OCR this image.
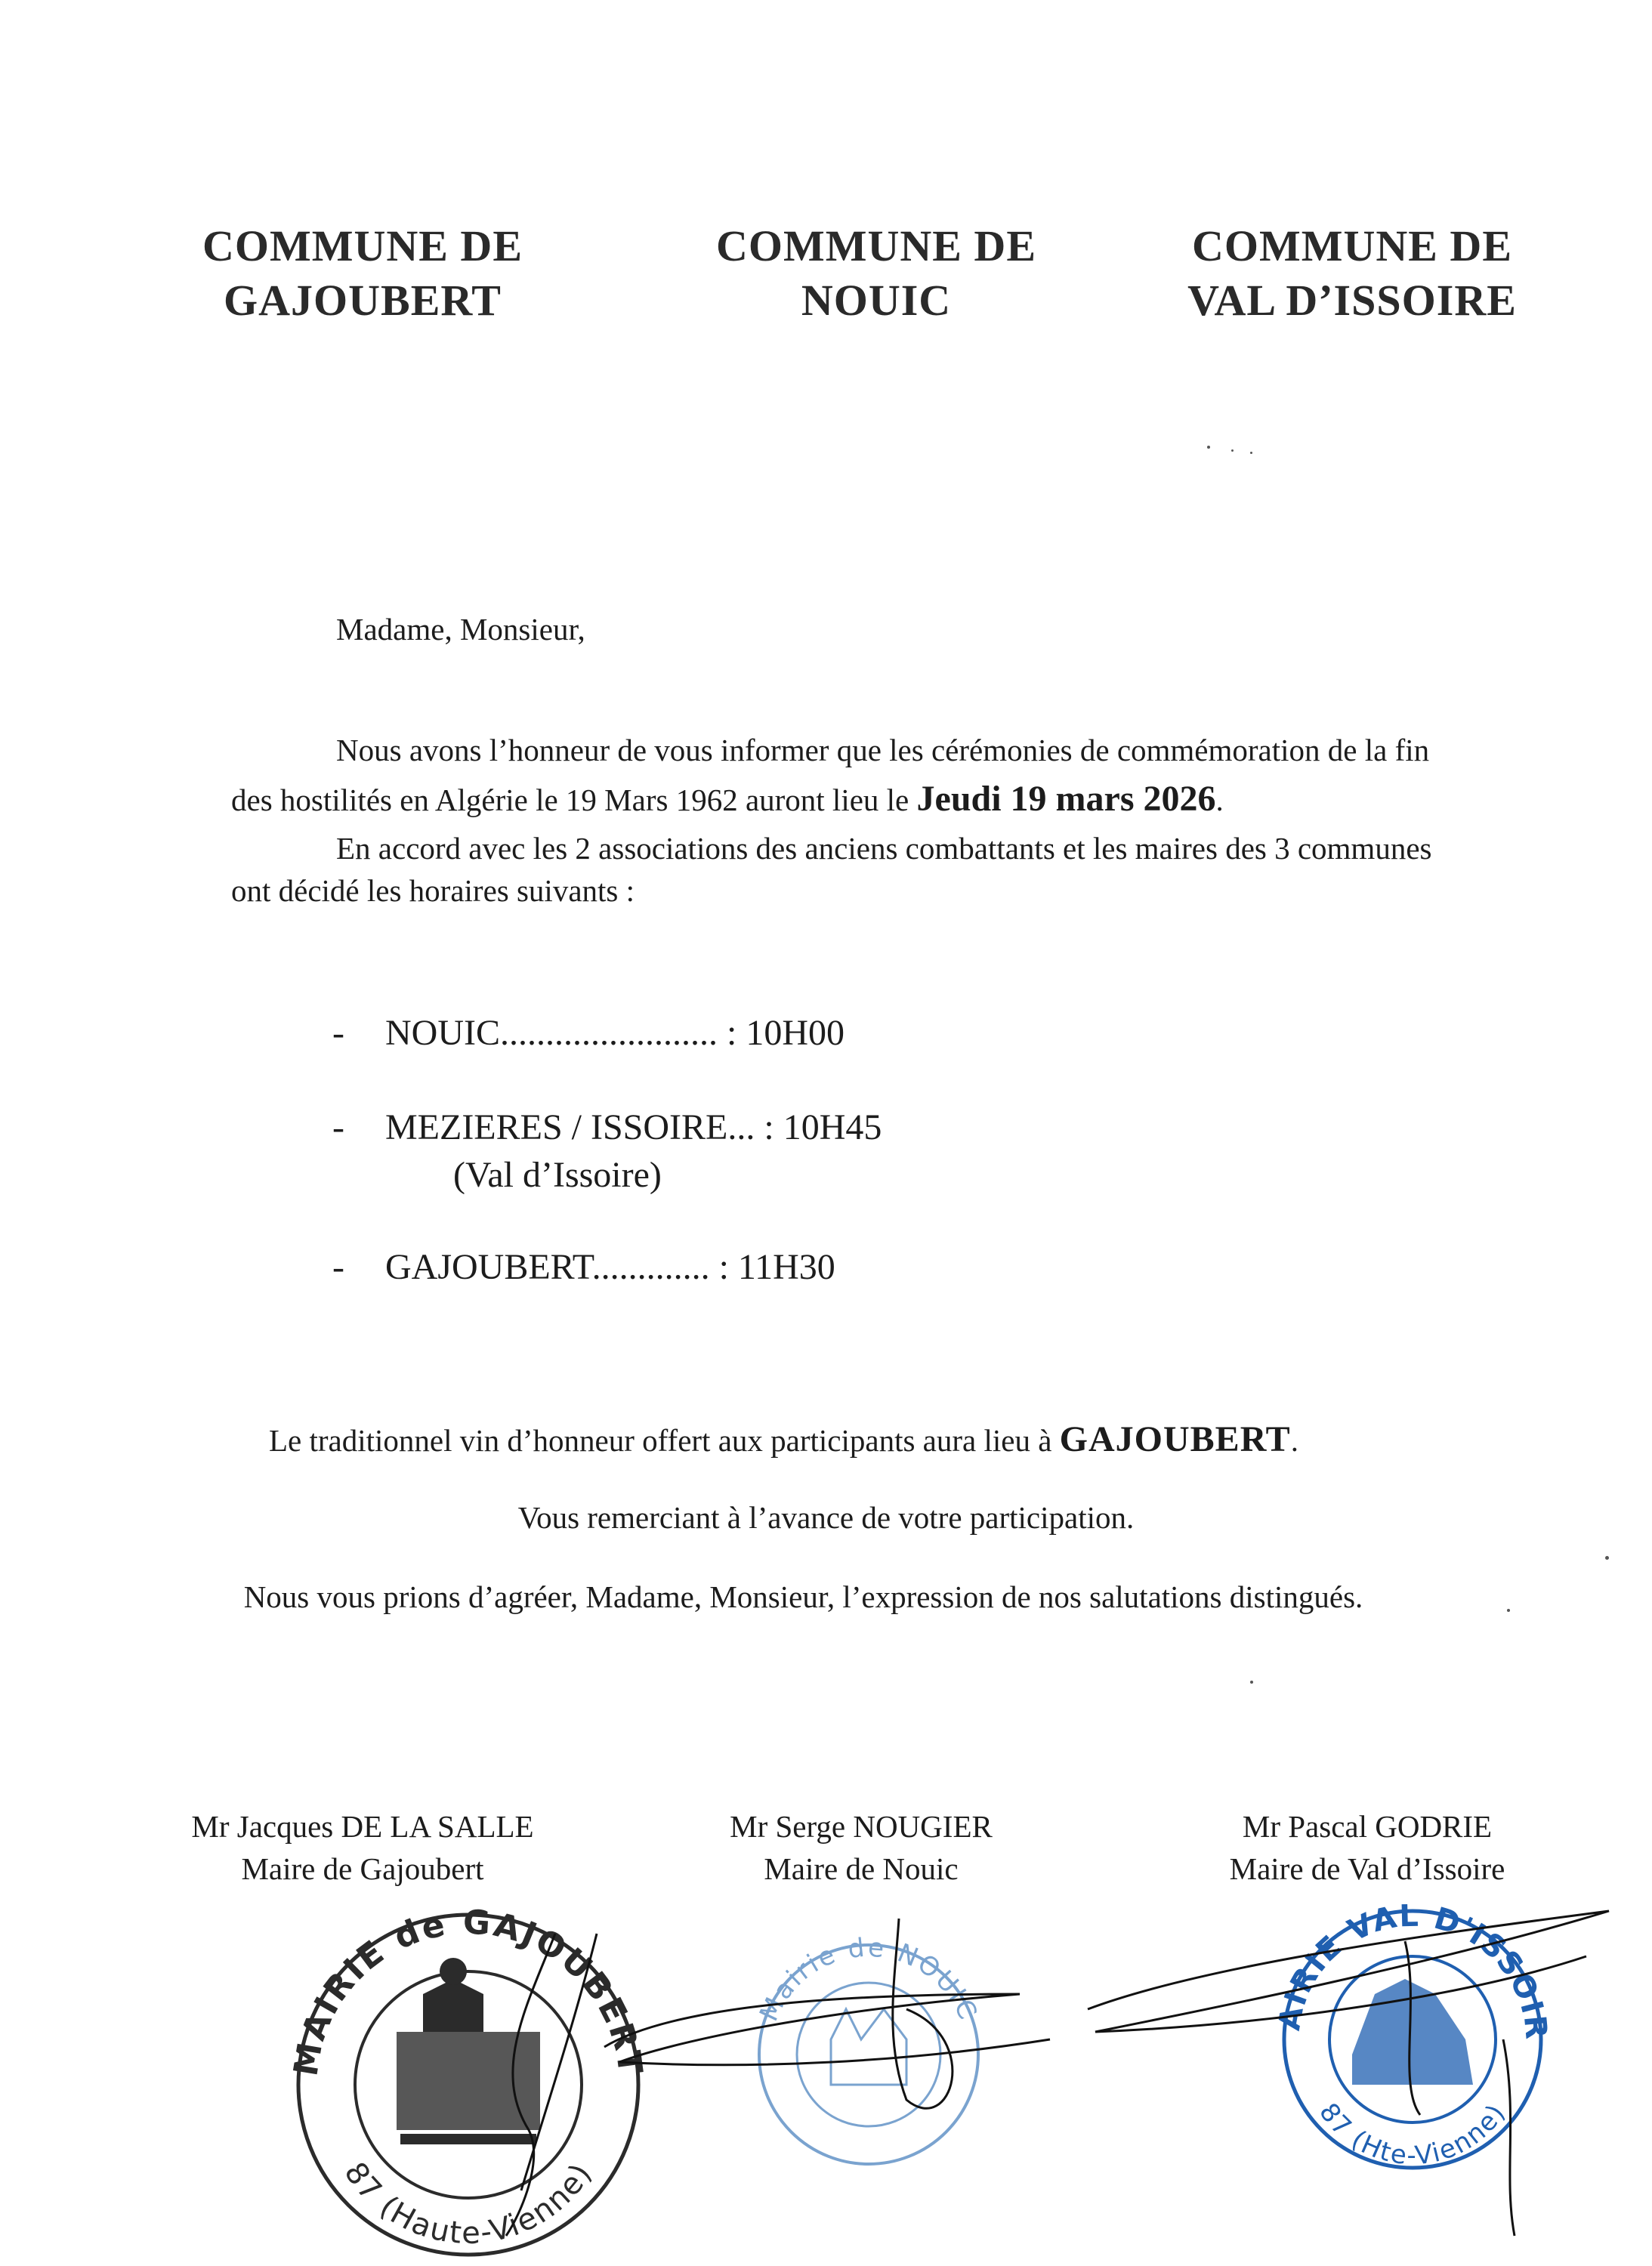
COMMUNE DE
GAJOUBERT
COMMUNE DE
NOUIC
COMMUNE DE
VAL D’ISSOIRE
Madame, Monsieur,
Nous avons l’honneur de vous informer que les cérémonies de commémoration de la fin
des hostilités en Algérie le 19 Mars 1962 auront lieu le Jeudi 19 mars 2026.
En accord avec les 2 associations des anciens combattants et les maires des 3 communes
ont décidé les horaires suivants :
- NOUIC........................ : 10H00
- MEZIERES / ISSOIRE... : 10H45
(Val d’Issoire)
- GAJOUBERT............. : 11H30
Le traditionnel vin d’honneur offert aux participants aura lieu à GAJOUBERT.
Vous remerciant à l’avance de votre participation.
Nous vous prions d’agréer, Madame, Monsieur, l’expression de nos salutations distingués.
Mr Jacques DE LA SALLE
Maire de Gajoubert
Mr Serge NOUGIER
Maire de Nouic
Mr Pascal GODRIE
Maire de Val d’Issoire
MAIRIE de GAJOUBERT
87 (Haute-Vienne)
Mairie de NOUIC	AIRIE VAL D'ISSOIR
87 (Hte-Vienne)
